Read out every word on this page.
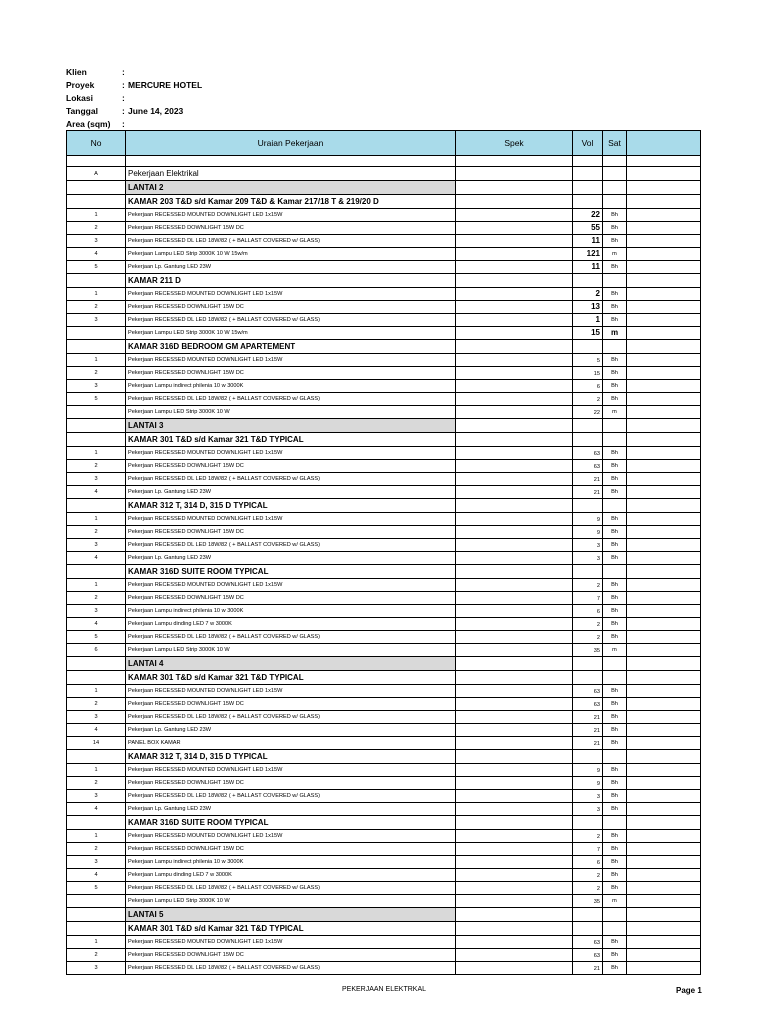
Klien	:
Proyek	: MERCURE HOTEL
Lokasi	:
Tanggal	: June 14, 2023
Area (sqm) :
No	Uraian Pekerjaan	Spek	Vol	Sat	

A	Pekerjaan Elektrikal				
	LANTAI 2				
	KAMAR 203 T&D s/d Kamar 209 T&D & Kamar 217/18 T & 219/20 D				
1	Pekerjaan RECESSED MOUNTED DOWNLIGHT LED 1x15W		22	Bh	
2	Pekerjaan RECESSED DOWNLIGHT 15W DC		55	Bh	
3	Pekerjaan RECESSED DL LED 18W/82 ( + BALLAST COVERED w/ GLASS)		11	Bh	
4	Pekerjaan Lampu LED Strip 3000K 10 W 15w/m		121	m	
5	Pekerjaan Lp. Gantung LED 23W		11	Bh	
	KAMAR 211 D				
1	Pekerjaan RECESSED MOUNTED DOWNLIGHT LED 1x15W		2	Bh	
2	Pekerjaan RECESSED DOWNLIGHT 15W DC		13	Bh	
3	Pekerjaan RECESSED DL LED 18W/82 ( + BALLAST COVERED w/ GLASS)		1	Bh	
	Pekerjaan Lampu LED Strip 3000K 10 W 15w/m		15	m	
	KAMAR 316D BEDROOM GM APARTEMENT				
1	Pekerjaan RECESSED MOUNTED DOWNLIGHT LED 1x15W		5	Bh	
2	Pekerjaan RECESSED DOWNLIGHT 15W DC		15	Bh	
3	Pekerjaan Lampu indirect philenia 10 w 3000K		6	Bh	
5	Pekerjaan RECESSED DL LED 18W/82 ( + BALLAST COVERED w/ GLASS)		2	Bh	
	Pekerjaan Lampu LED Strip 3000K 10 W		22	m	
	LANTAI 3				
	KAMAR 301 T&D s/d Kamar 321 T&D TYPICAL				
1	Pekerjaan RECESSED MOUNTED DOWNLIGHT LED 1x15W		63	Bh	
2	Pekerjaan RECESSED DOWNLIGHT 15W DC		63	Bh	
3	Pekerjaan RECESSED DL LED 18W/82 ( + BALLAST COVERED w/ GLASS)		21	Bh	
4	Pekerjaan Lp. Gantung LED 23W		21	Bh	
	KAMAR 312 T, 314 D, 315 D TYPICAL				
1	Pekerjaan RECESSED MOUNTED DOWNLIGHT LED 1x15W		9	Bh	
2	Pekerjaan RECESSED DOWNLIGHT 15W DC		9	Bh	
3	Pekerjaan RECESSED DL LED 18W/82 ( + BALLAST COVERED w/ GLASS)		3	Bh	
4	Pekerjaan Lp. Gantung LED 23W		3	Bh	
	KAMAR 316D SUITE ROOM TYPICAL				
1	Pekerjaan RECESSED MOUNTED DOWNLIGHT LED 1x15W		2	Bh	
2	Pekerjaan RECESSED DOWNLIGHT 15W DC		7	Bh	
3	Pekerjaan Lampu indirect philenia 10 w 3000K		6	Bh	
4	Pekerjaan Lampu dinding LED 7 w 3000K		2	Bh	
5	Pekerjaan RECESSED DL LED 18W/82 ( + BALLAST COVERED w/ GLASS)		2	Bh	
6	Pekerjaan Lampu LED Strip 3000K 10 W		35	m	
	LANTAI 4				
	KAMAR 301 T&D s/d Kamar 321 T&D TYPICAL				
1	Pekerjaan RECESSED MOUNTED DOWNLIGHT LED 1x15W		63	Bh	
2	Pekerjaan RECESSED DOWNLIGHT 15W DC		63	Bh	
3	Pekerjaan RECESSED DL LED 18W/82 ( + BALLAST COVERED w/ GLASS)		21	Bh	
4	Pekerjaan Lp. Gantung LED 23W		21	Bh	
14	PANEL BOX KAMAR		21	Bh	
	KAMAR 312 T, 314 D, 315 D TYPICAL				
1	Pekerjaan RECESSED MOUNTED DOWNLIGHT LED 1x15W		9	Bh	
2	Pekerjaan RECESSED DOWNLIGHT 15W DC		9	Bh	
3	Pekerjaan RECESSED DL LED 18W/82 ( + BALLAST COVERED w/ GLASS)		3	Bh	
4	Pekerjaan Lp. Gantung LED 23W		3	Bh	
	KAMAR 316D SUITE ROOM TYPICAL				
1	Pekerjaan RECESSED MOUNTED DOWNLIGHT LED 1x15W		2	Bh	
2	Pekerjaan RECESSED DOWNLIGHT 15W DC		7	Bh	
3	Pekerjaan Lampu indirect philenia 10 w 3000K		6	Bh	
4	Pekerjaan Lampu dinding LED 7 w 3000K		2	Bh	
5	Pekerjaan RECESSED DL LED 18W/82 ( + BALLAST COVERED w/ GLASS)		2	Bh	
	Pekerjaan Lampu LED Strip 3000K 10 W		35	m	
	LANTAI 5				
	KAMAR 301 T&D s/d Kamar 321 T&D TYPICAL				
1	Pekerjaan RECESSED MOUNTED DOWNLIGHT LED 1x15W		63	Bh	
2	Pekerjaan RECESSED DOWNLIGHT 15W DC		63	Bh	
3	Pekerjaan RECESSED DL LED 18W/82 ( + BALLAST COVERED w/ GLASS)		21	Bh	
PEKERJAAN ELEKTRKAL	Page 1
